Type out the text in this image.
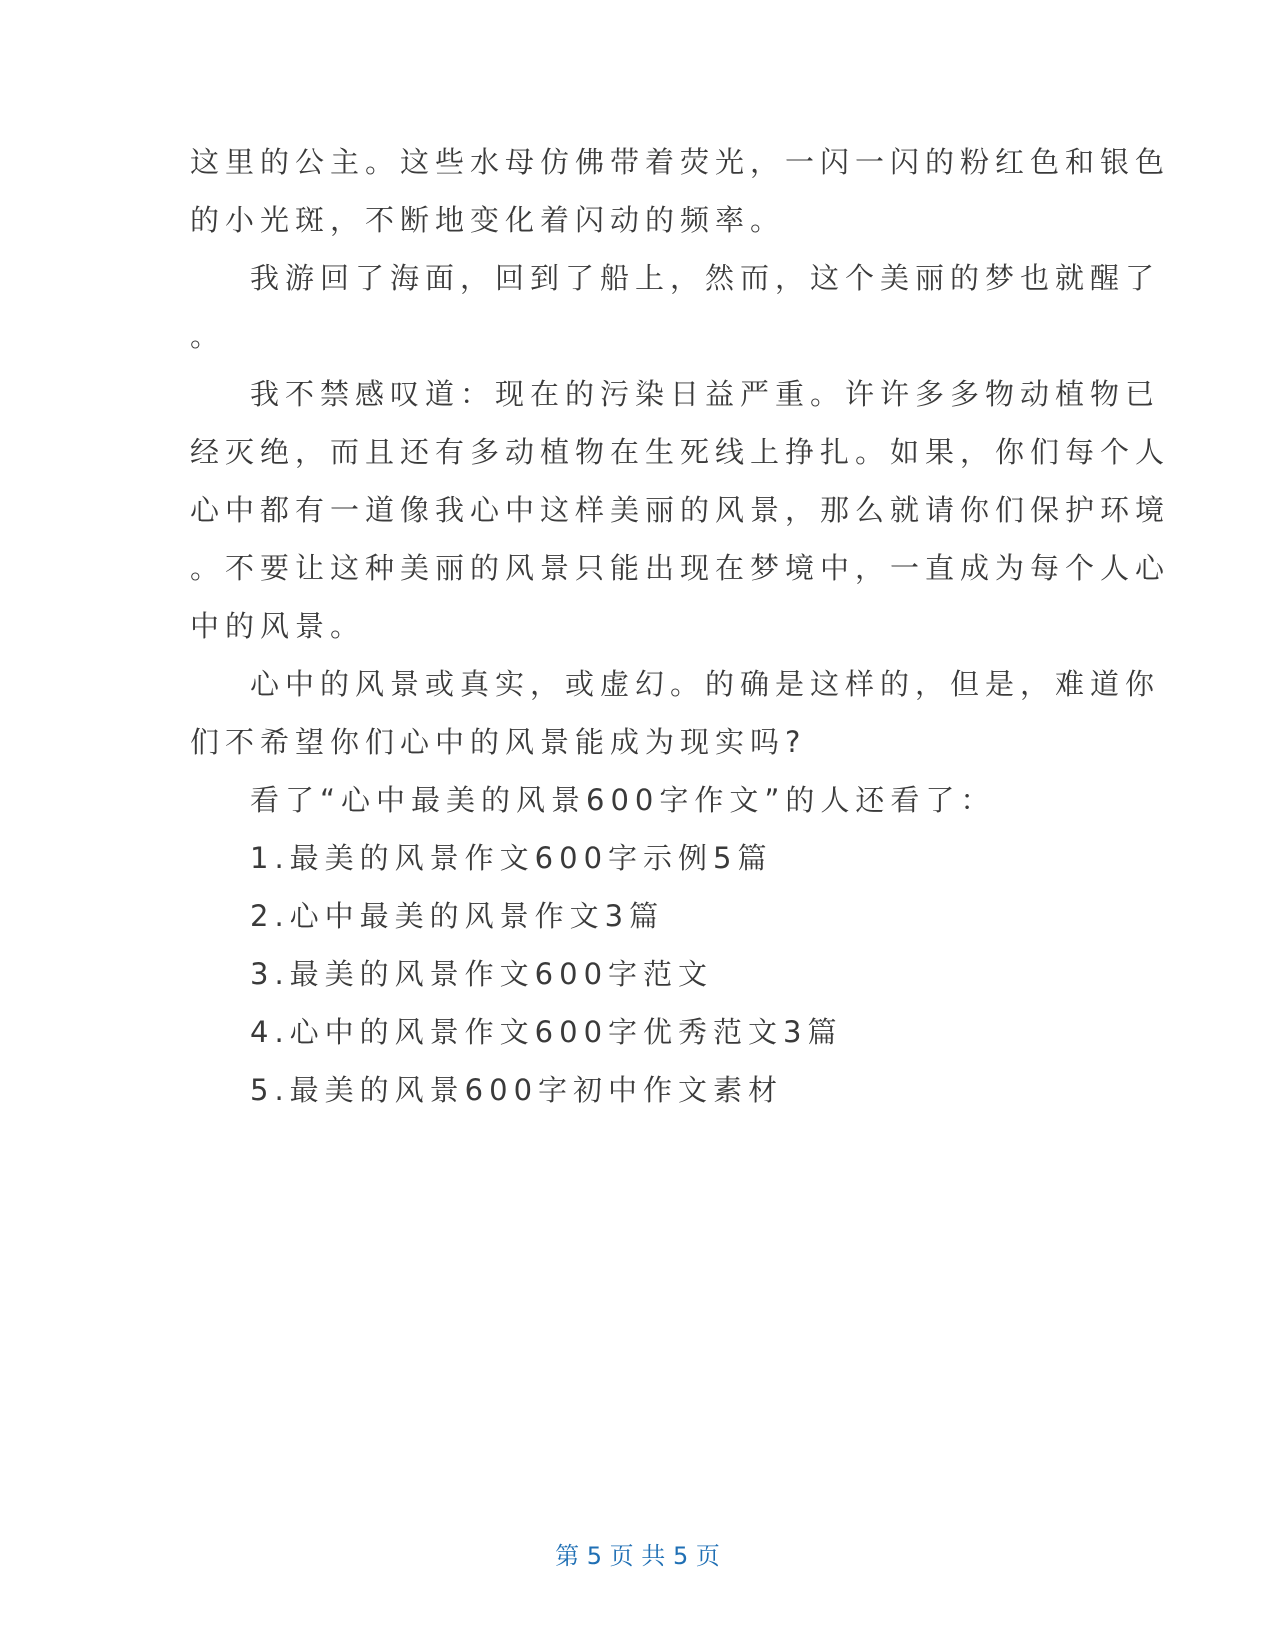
这里的公主。这些水母仿佛带着荧光，一闪一闪的粉红色和银色
的小光斑，不断地变化着闪动的频率。
我游回了海面，回到了船上，然而，这个美丽的梦也就醒了
。
我不禁感叹道：现在的污染日益严重。许许多多物动植物已
经灭绝，而且还有多动植物在生死线上挣扎。如果，你们每个人
心中都有一道像我心中这样美丽的风景，那么就请你们保护环境
。不要让这种美丽的风景只能出现在梦境中，一直成为每个人心
中的风景。
心中的风景或真实，或虚幻。的确是这样的，但是，难道你
们不希望你们心中的风景能成为现实吗?
看了“心中最美的风景600字作文”的人还看了：
1.最美的风景作文600字示例5篇
2.心中最美的风景作文3篇
3.最美的风景作文600字范文
4.心中的风景作文600字优秀范文3篇
5.最美的风景600字初中作文素材
第 5 页 共 5 页
